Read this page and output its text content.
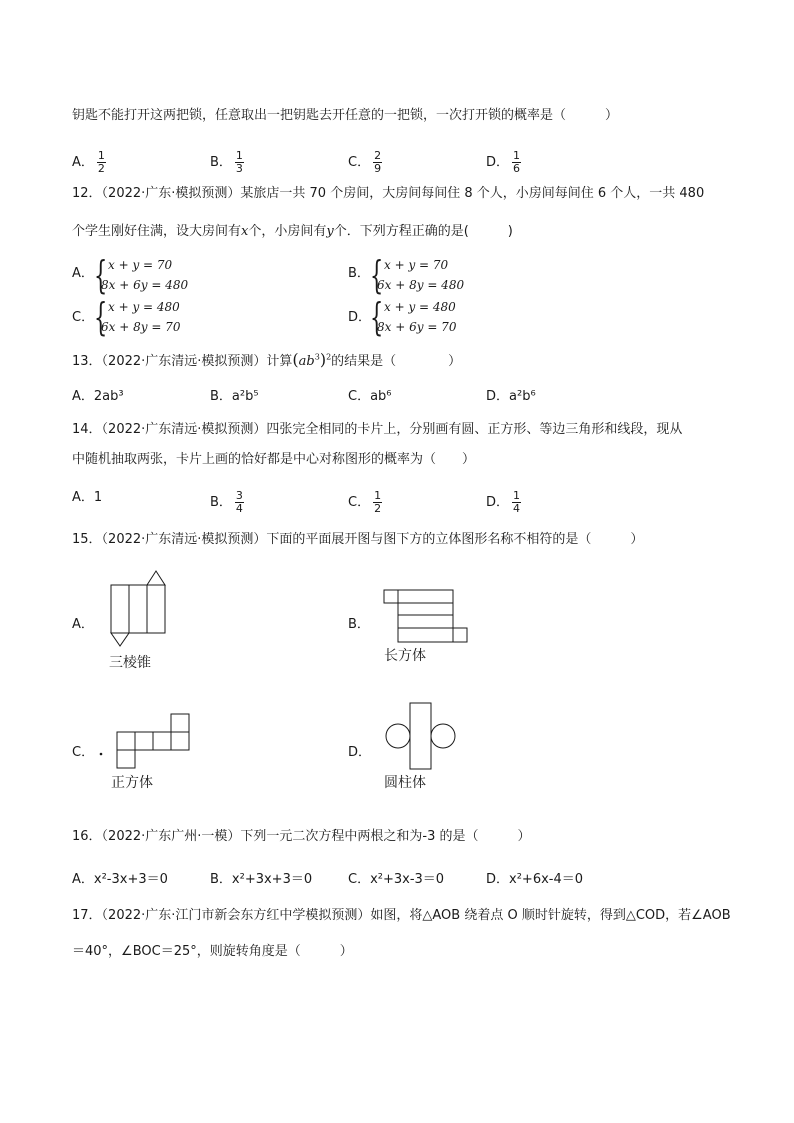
钥匙不能打开这两把锁，任意取出一把钥匙去开任意的一把锁，一次打开锁的概率是（　　　）
A． $\frac{1}{2}$	B． $\frac{1}{3}$	C． $\frac{2}{9}$	D． $\frac{1}{6}$
12．（2022·广东·模拟预测）某旅店一共 70 个房间，大房间每间住 8 个人，小房间每间住 6 个人，一共 480
个学生刚好住满，设大房间有x个，小房间有y个．下列方程正确的是(　　　)
A． { x + y = 70
8x + 6y = 480
B． { x + y = 70
6x + 8y = 480
C． { x + y = 480
6x + 8y = 70
D．
{ x + y = 480
8x + 6y = 70
13．（2022·广东清远·模拟预测）计算$(ab^3)^2$的结果是（　　　　）
A．2ab³	B．a²b⁵	C．ab⁶	D．a²b⁶
14．（2022·广东清远·模拟预测）四张完全相同的卡片上，分别画有圆、正方形、等边三角形和线段，现从
中随机抽取两张，卡片上画的恰好都是中心对称图形的概率为（　　）
A．1	B． $\frac{3}{4}$	C． $\frac{1}{2}$	D． $\frac{1}{4}$
15．（2022·广东清远·模拟预测）下面的平面展开图与图下方的立体图形名称不相符的是（　　　）
A．
三棱锥
B．
长方体
C．
正方体
D．
圆柱体
16．（2022·广东广州·一模）下列一元二次方程中两根之和为-3 的是（　　　）
A．x²-3x+3＝0	B．x²+3x+3＝0	C．x²+3x-3＝0	D．x²+6x-4＝0
17．（2022·广东·江门市新会东方红中学模拟预测）如图，将△AOB 绕着点 O 顺时针旋转，得到△COD，若∠AOB
＝40°，∠BOC＝25°，则旋转角度是（　　　）
